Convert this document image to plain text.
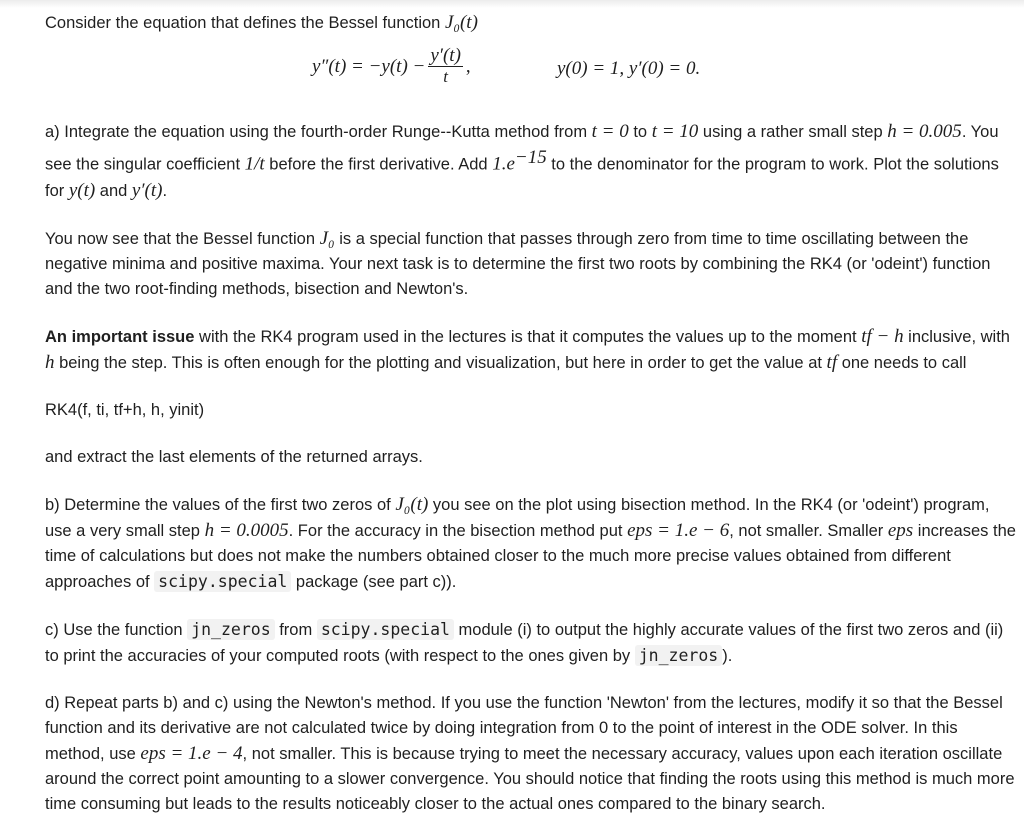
Consider the equation that defines the Bessel function J₀(t)

$y''(t) = -y(t) - \frac{y'(t)}{t}$ ,	y(0) = 1, y′(0) = 0.

a) Integrate the equation using the fourth-order Runge--Kutta method from t = 0 to t = 10 using a rather small step h = 0.005. You see the singular coefficient 1/t before the first derivative. Add $1.e^{-15}$ to the denominator for the program to work. Plot the solutions for y(t) and y′(t).

You now see that the Bessel function J₀ is a special function that passes through zero from time to time oscillating between the negative minima and positive maxima. Your next task is to determine the first two roots by combining the RK4 (or 'odeint') function and the two root-finding methods, bisection and Newton's.

An important issue with the RK4 program used in the lectures is that it computes the values up to the moment tf − h inclusive, with h being the step. This is often enough for the plotting and visualization, but here in order to get the value at tf one needs to call

RK4(f, ti, tf+h, h, yinit)

and extract the last elements of the returned arrays.

b) Determine the values of the first two zeros of J₀(t) you see on the plot using bisection method. In the RK4 (or 'odeint') program, use a very small step h = 0.0005. For the accuracy in the bisection method put eps = 1.e − 6, not smaller. Smaller eps increases the time of calculations but does not make the numbers obtained closer to the much more precise values obtained from different approaches of scipy.special package (see part c)).

c) Use the function jn_zeros from scipy.special module (i) to output the highly accurate values of the first two zeros and (ii) to print the accuracies of your computed roots (with respect to the ones given by jn_zeros ).

d) Repeat parts b) and c) using the Newton's method. If you use the function 'Newton' from the lectures, modify it so that the Bessel function and its derivative are not calculated twice by doing integration from 0 to the point of interest in the ODE solver. In this method, use eps = 1.e − 4, not smaller. This is because trying to meet the necessary accuracy, values upon each iteration oscillate around the correct point amounting to a slower convergence. You should notice that finding the roots using this method is much more time consuming but leads to the results noticeably closer to the actual ones compared to the binary search.
